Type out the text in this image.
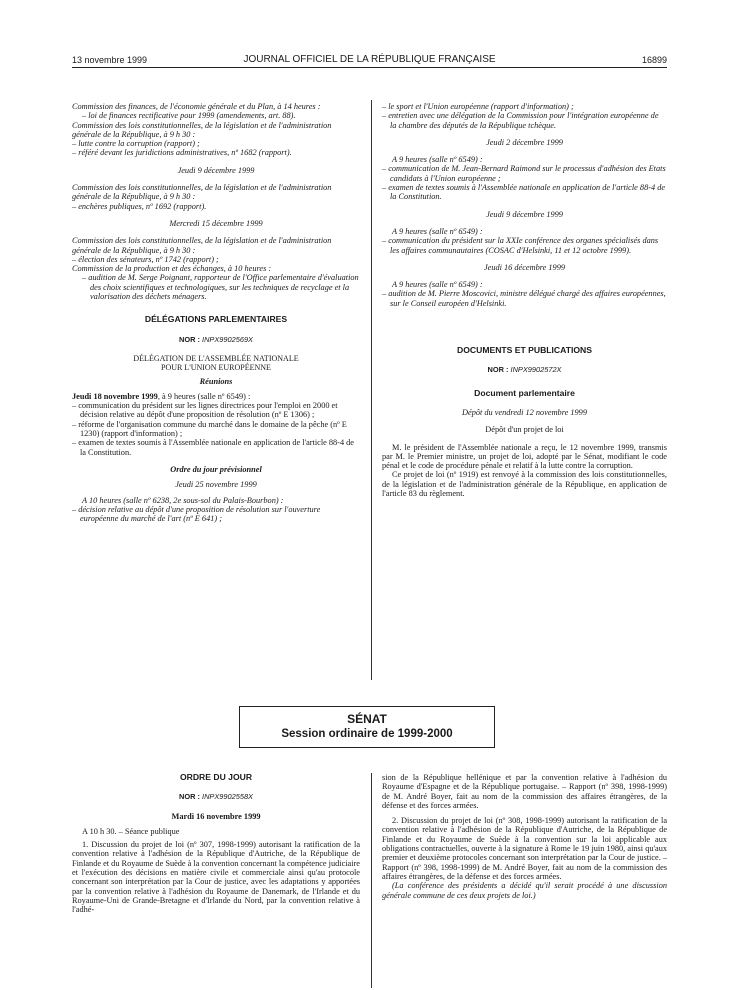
13 novembre 1999	JOURNAL OFFICIEL DE LA RÉPUBLIQUE FRANÇAISE	16899

Commission des finances, de l'économie générale et du Plan, à 14 heures :

– loi de finances rectificative pour 1999 (amendements, art. 88).

Commission des lois constitutionnelles, de la législation et de l'administration générale de la République, à 9 h 30 :

– lutte contre la corruption (rapport) ;

– référé devant les juridictions administratives, nº 1682 (rapport).

Jeudi 9 décembre 1999

Commission des lois constitutionnelles, de la législation et de l'administration générale de la République, à 9 h 30 :

– enchères publiques, nº 1692 (rapport).

Mercredi 15 décembre 1999

Commission des lois constitutionnelles, de la législation et de l'administration générale de la République, à 9 h 30 :

– élection des sénateurs, nº 1742 (rapport) ;

Commission de la production et des échanges, à 10 heures :

– audition de M. Serge Poignant, rapporteur de l'Office parlementaire d'évaluation des choix scientifiques et technologiques, sur les techniques de recyclage et la valorisation des déchets ménagers.

DÉLÉGATIONS PARLEMENTAIRES

NOR : INPX9902569X

DÉLÉGATION DE L'ASSEMBLÉE NATIONALE

POUR L'UNION EUROPÉENNE

Réunions

Jeudi 18 novembre 1999, à 9 heures (salle nº 6549) :

– communication du président sur les lignes directrices pour l'emploi en 2000 et décision relative au dépôt d'une proposition de résolution (nº E 1306) ;

– réforme de l'organisation commune du marché dans le domaine de la pêche (nº E 1230) (rapport d'information) ;

– examen de textes soumis à l'Assemblée nationale en application de l'article 88-4 de la Constitution.

Ordre du jour prévisionnel

Jeudi 25 novembre 1999

A 10 heures (salle nº 6238, 2e sous-sol du Palais-Bourbon) :

– décision relative au dépôt d'une proposition de résolution sur l'ouverture européenne du marché de l'art (nº E 641) ;

– le sport et l'Union européenne (rapport d'information) ;

– entretien avec une délégation de la Commission pour l'intégration européenne de la chambre des députés de la République tchèque.

Jeudi 2 décembre 1999

A 9 heures (salle nº 6549) :

– communication de M. Jean-Bernard Raimond sur le processus d'adhésion des Etats candidats à l'Union européenne ;

– examen de textes soumis à l'Assemblée nationale en application de l'article 88-4 de la Constitution.

Jeudi 9 décembre 1999

A 9 heures (salle nº 6549) :

– communication du président sur la XXIe conférence des organes spécialisés dans les affaires communautaires (COSAC d'Helsinki, 11 et 12 octobre 1999).

Jeudi 16 décembre 1999

A 9 heures (salle nº 6549) :

– audition de M. Pierre Moscovici, ministre délégué chargé des affaires européennes, sur le Conseil européen d'Helsinki.

DOCUMENTS ET PUBLICATIONS

NOR : INPX9902572X

Document parlementaire

Dépôt du vendredi 12 novembre 1999

Dépôt d'un projet de loi

M. le président de l'Assemblée nationale a reçu, le 12 novembre 1999, transmis par M. le Premier ministre, un projet de loi, adopté par le Sénat, modifiant le code pénal et le code de procédure pénale et relatif à la lutte contre la corruption.

Ce projet de loi (nº 1919) est renvoyé à la commission des lois constitutionnelles, de la législation et de l'administration générale de la République, en application de l'article 83 du règlement.

SÉNAT
Session ordinaire de 1999-2000

ORDRE DU JOUR

NOR : INPX9902558X

Mardi 16 novembre 1999

A 10 h 30. – Séance publique

1. Discussion du projet de loi (nº 307, 1998-1999) autorisant la ratification de la convention relative à l'adhésion de la République d'Autriche, de la République de Finlande et du Royaume de Suède à la convention concernant la compétence judiciaire et l'exécution des décisions en matière civile et commerciale ainsi qu'au protocole concernant son interprétation par la Cour de justice, avec les adaptations y apportées par la convention relative à l'adhésion du Royaume de Danemark, de l'Irlande et du Royaume-Uni de Grande-Bretagne et d'Irlande du Nord, par la convention relative à l'adhé-

sion de la République hellénique et par la convention relative à l'adhésion du Royaume d'Espagne et de la République portugaise. – Rapport (nº 398, 1998-1999) de M. André Boyer, fait au nom de la commission des affaires étrangères, de la défense et des forces armées.

2. Discussion du projet de loi (nº 308, 1998-1999) autorisant la ratification de la convention relative à l'adhésion de la République d'Autriche, de la République de Finlande et du Royaume de Suède à la convention sur la loi applicable aux obligations contractuelles, ouverte à la signature à Rome le 19 juin 1980, ainsi qu'aux premier et deuxième protocoles concernant son interprétation par la Cour de justice. – Rapport (nº 398, 1998-1999) de M. André Boyer, fait au nom de la commission des affaires étrangères, de la défense et des forces armées.

(La conférence des présidents a décidé qu'il serait procédé à une discussion générale commune de ces deux projets de loi.)
